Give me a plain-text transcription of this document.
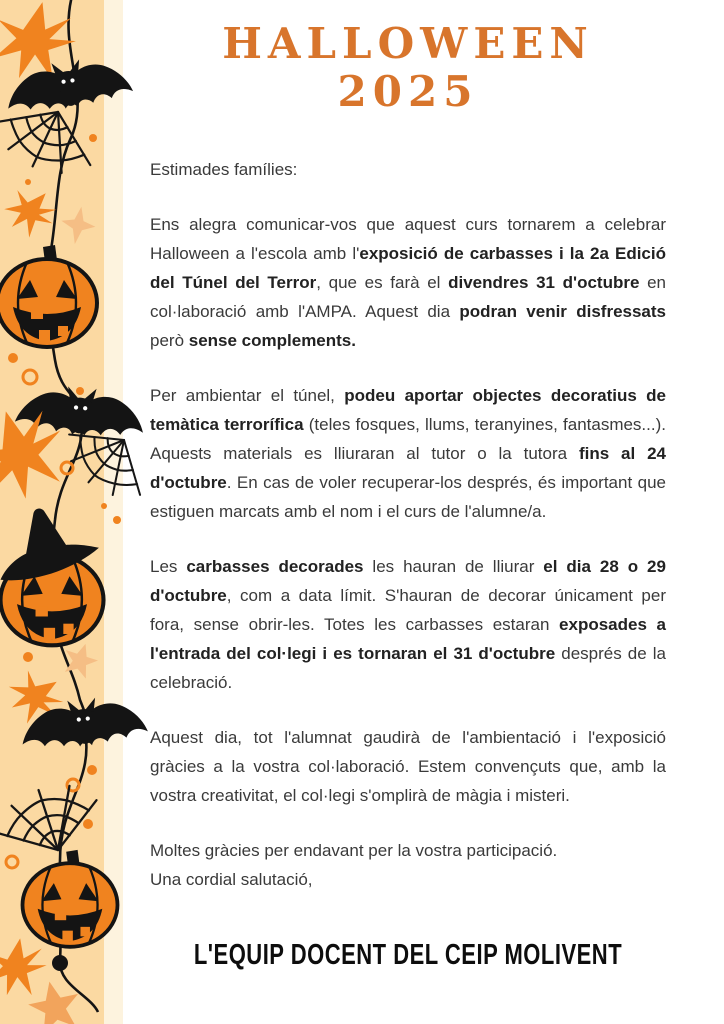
HALLOWEEN 2025

Estimades famílies:

Ens alegra comunicar-vos que aquest curs tornarem a celebrar Halloween a l'escola amb l'exposició de carbasses i la 2a Edició del Túnel del Terror, que es farà el divendres 31 d'octubre en col·laboració amb l'AMPA. Aquest dia podran venir disfressats però sense complements.

Per ambientar el túnel, podeu aportar objectes decoratius de temàtica terrorífica (teles fosques, llums, teranyines, fantasmes...). Aquests materials es lliuraran al tutor o la tutora fins al 24 d'octubre. En cas de voler recuperar-los després, és important que estiguen marcats amb el nom i el curs de l'alumne/a.

Les carbasses decorades les hauran de lliurar el dia 28 o 29 d'octubre, com a data límit. S'hauran de decorar únicament per fora, sense obrir-les. Totes les carbasses estaran exposades a l'entrada del col·legi i es tornaran el 31 d'octubre després de la celebració.

Aquest dia, tot l'alumnat gaudirà de l'ambientació i l'exposició gràcies a la vostra col·laboració. Estem convençuts que, amb la vostra creativitat, el col·legi s'omplirà de màgia i misteri.

Moltes gràcies per endavant per la vostra participació.
Una cordial salutació,

L'EQUIP DOCENT DEL CEIP MOLIVENT
